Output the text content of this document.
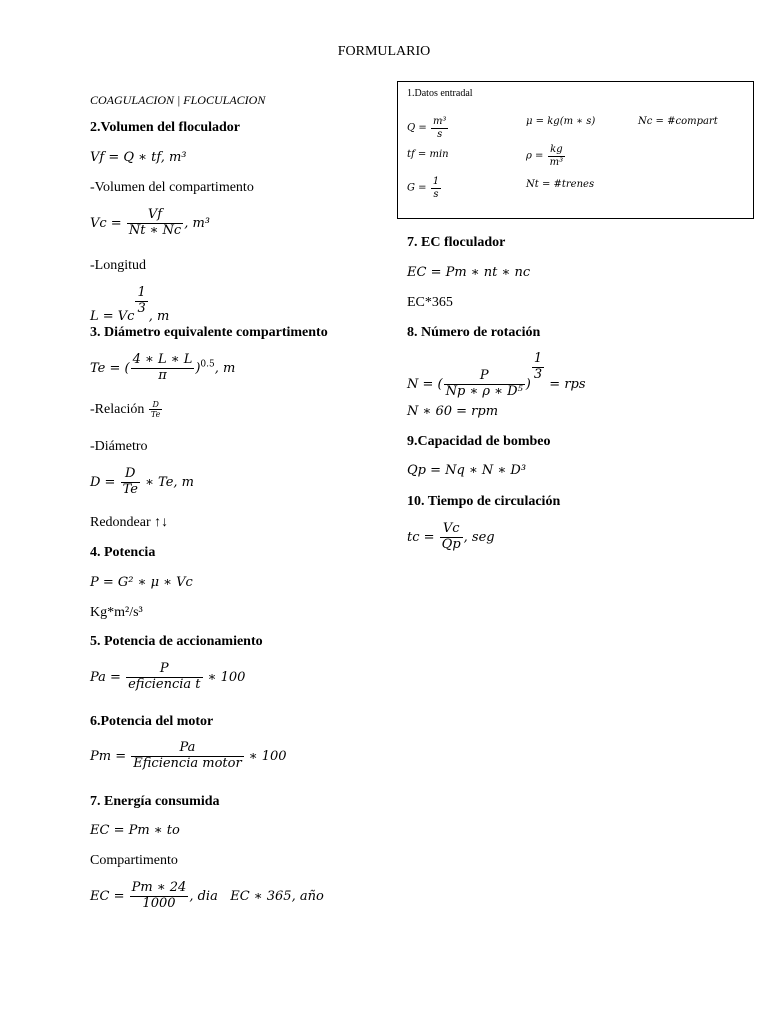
FORMULARIO
1.Datos entradal
$Q = \frac{\text{m³}}{s}$	μ = kg(m ∗ s)	Nc = #compart
tf = min	$\rho = \frac{kg}{\text{m³}}$
$G = \frac{1}{s}$	Nt = #trenes
COAGULACION | FLOCULACION
2.Volumen del floculador
Vf = Q ∗ tf, m³
-Volumen del compartimento
$Vc = \frac{Vf}{Nt ∗ Nc}$ , m³
-Longitud
L = Vc $\frac{1}{3}$ , m
3. Diámetro equivalente compartimento
Te = ( $\frac{4 ∗ L ∗ L}{\pi} )^{0.5}$, m
-Relación $\frac{D}{Te}$
-Diámetro
$D = \frac{D}{Te}$ ∗ Te, m
Redondear ↑↓
4. Potencia
P = G² ∗ μ ∗ Vc
Kg*m²/s³
5. Potencia de accionamiento
$Pa = \frac{P}{\text{eficiencia t}}$ ∗ 100
6.Potencia del motor
$Pm = \frac{Pa}{\text{Eficiencia motor}}$ ∗ 100
7. Energía consumida
EC = Pm ∗ to
Compartimento
EC = $\frac{Pm ∗ 24}{1000}$ , dia   EC ∗ 365, año
7. EC floculador
EC = Pm ∗ nt ∗ nc
EC*365
8. Número de rotación
N = ( $\frac{P}{\text{Np ∗ ρ ∗ D⁵}}$ )
$\frac{1}{3}$
= rps
N ∗ 60 = rpm
9.Capacidad de bombeo
Qp = Nq ∗ N ∗ D³
10. Tiempo de circulación
tc = $\frac{Vc}{Qp}$ , seg
